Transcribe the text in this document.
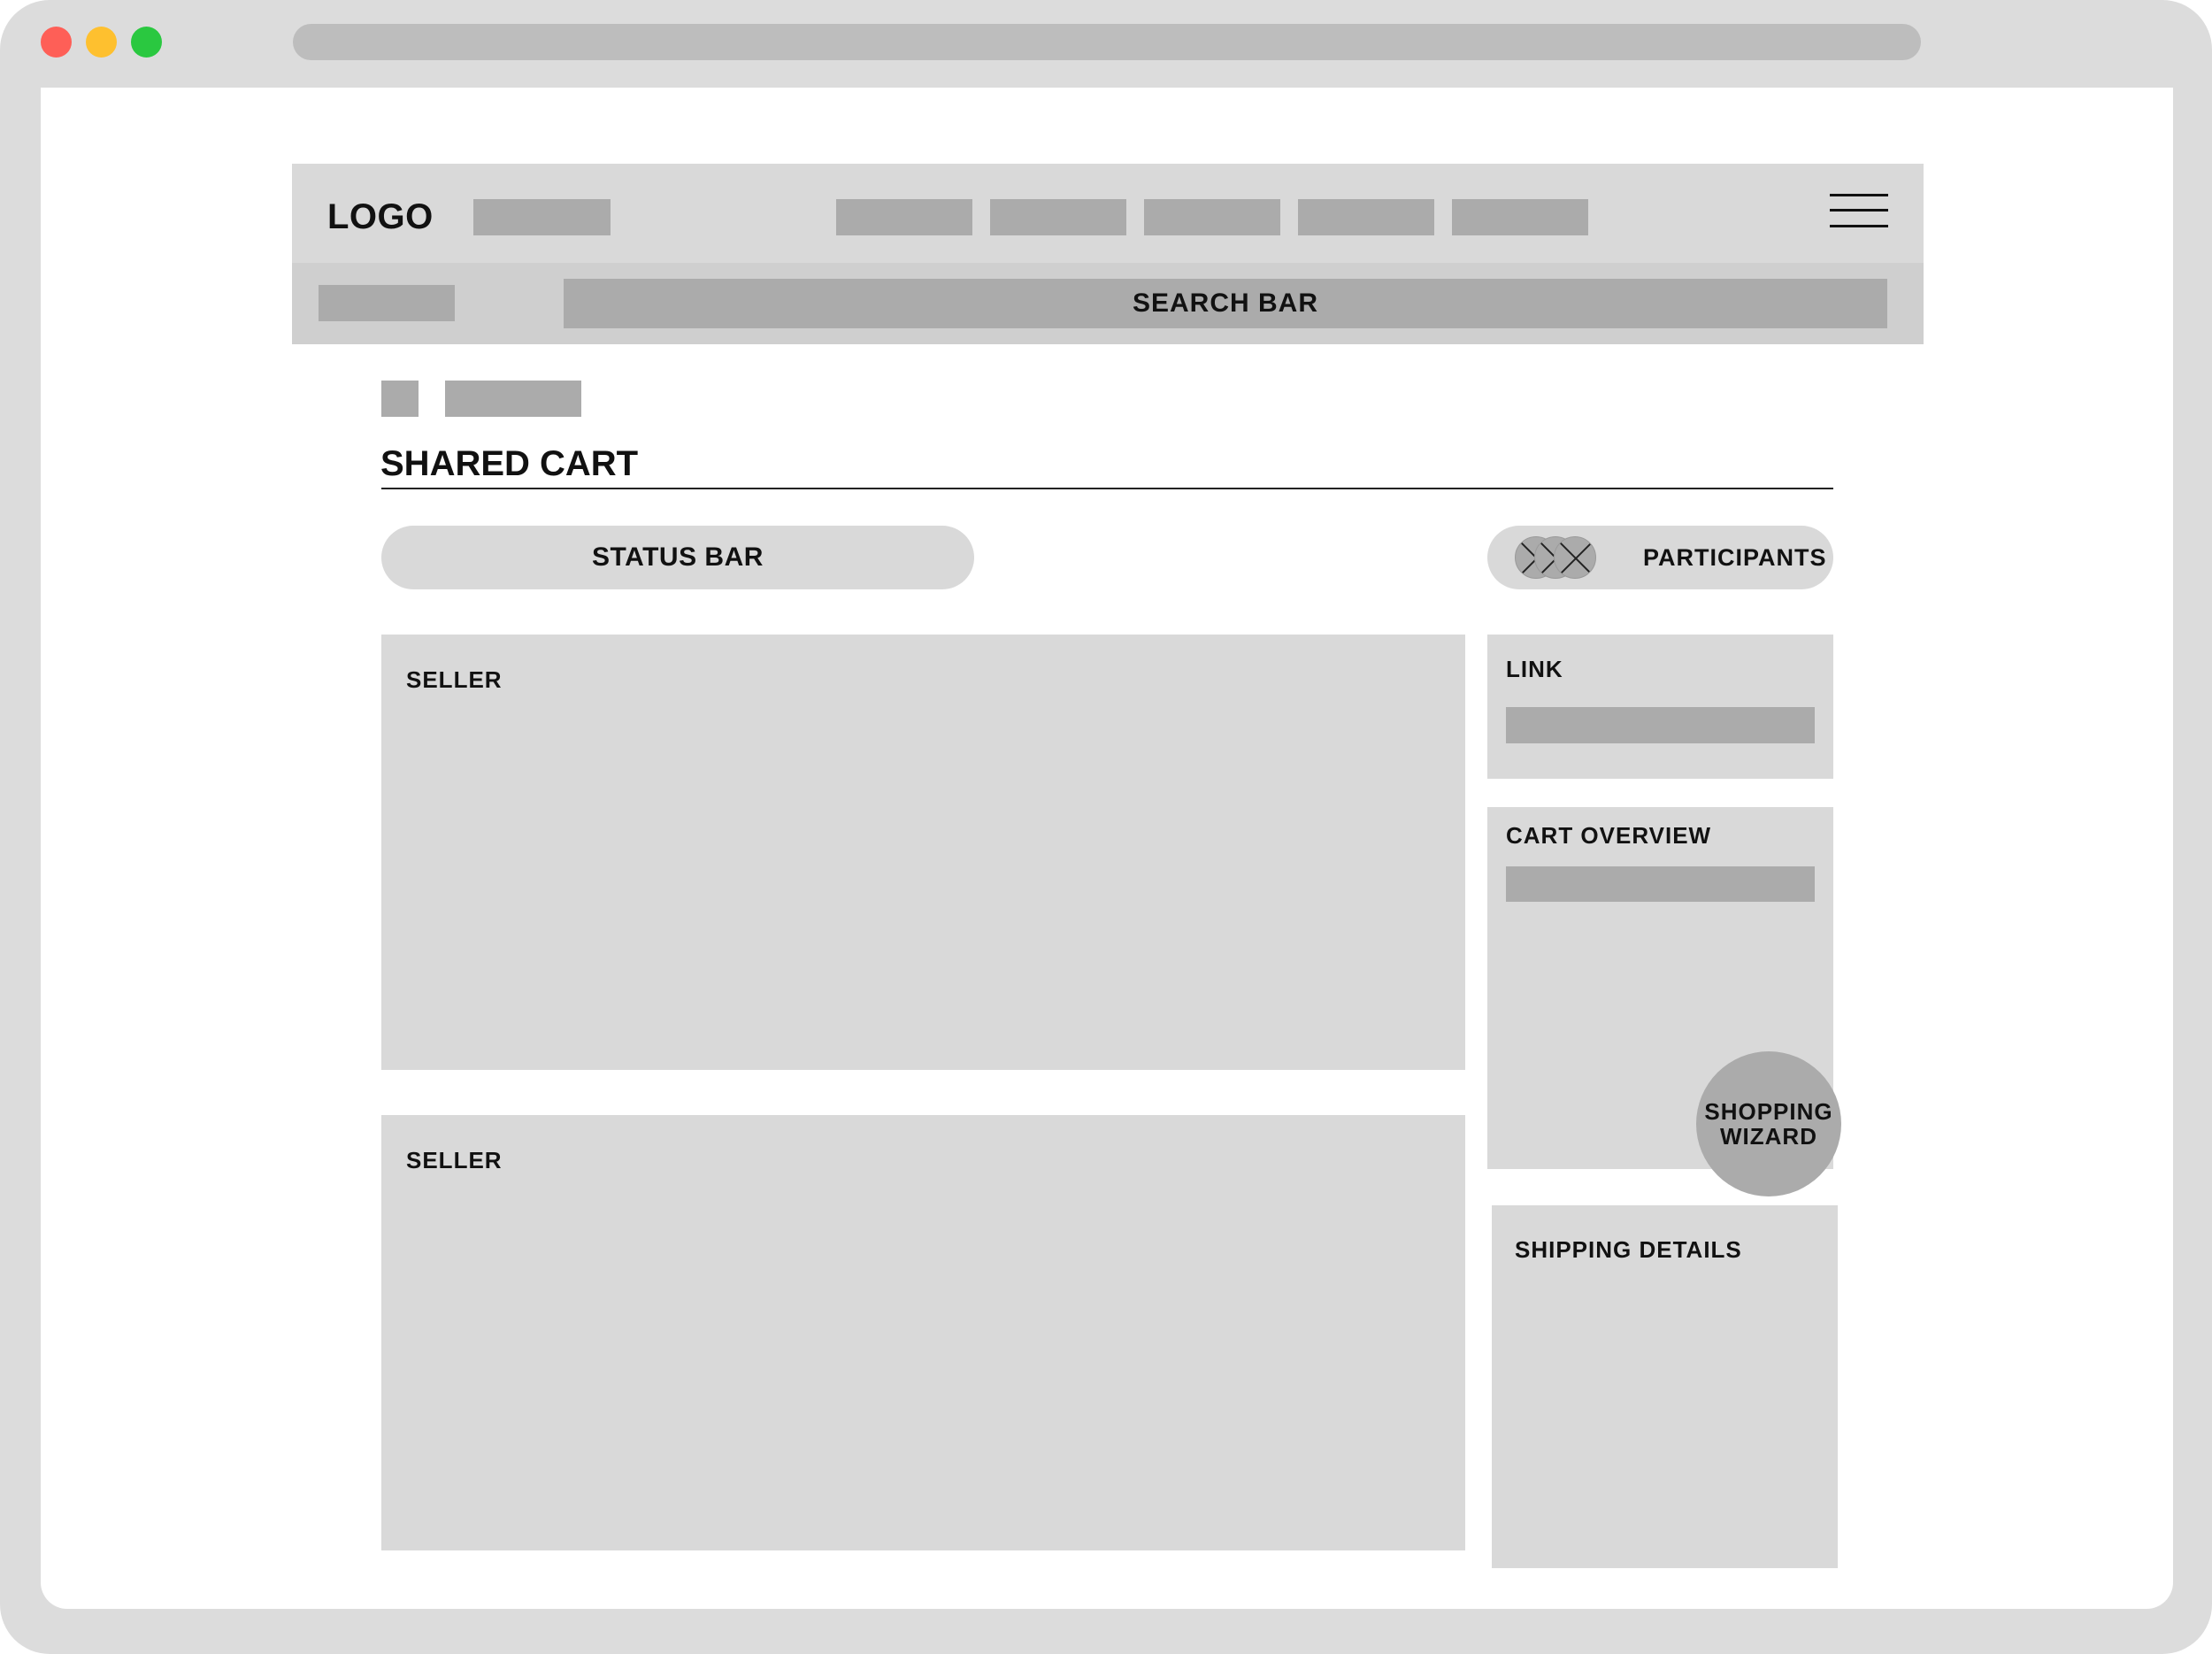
LOGO
SEARCH BAR
SHARED CART
STATUS BAR	PARTICIPANTS
SELLER
SELLER
LINK
CART OVERVIEW
SHIPPING DETAILS
SHOPPING
WIZARD
